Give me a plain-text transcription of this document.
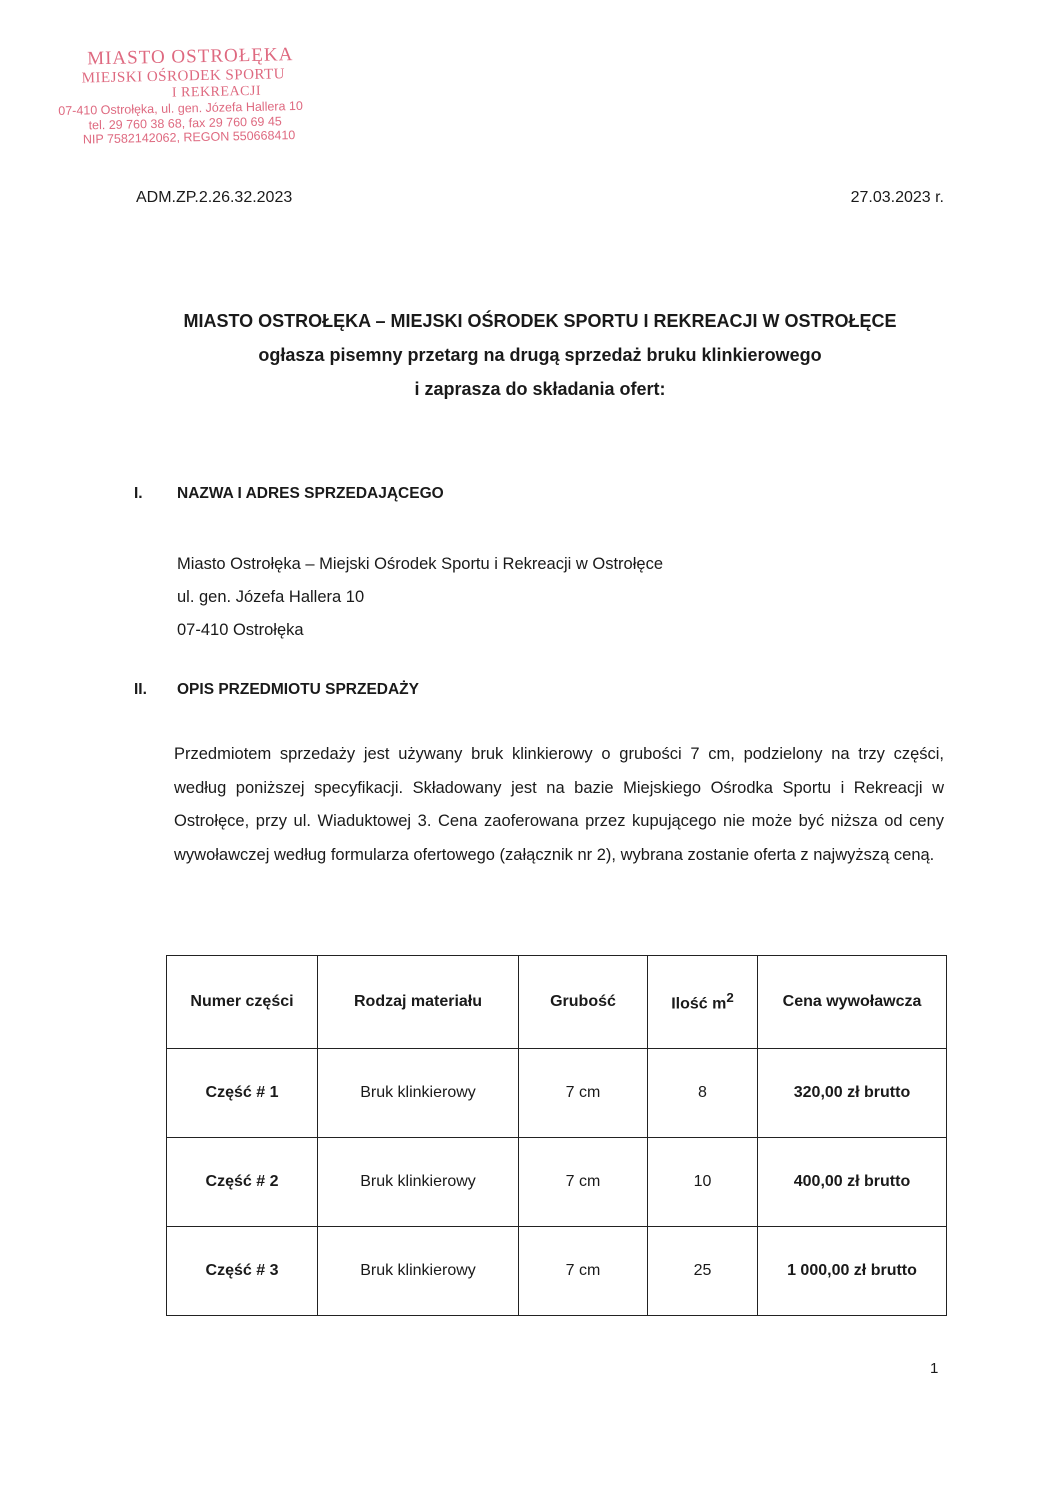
MIASTO OSTROŁĘKA
MIEJSKI OŚRODEK SPORTU
I REKREACJI
07-410 Ostrołęka, ul. gen. Józefa Hallera 10
tel. 29 760 38 68, fax 29 760 69 45
NIP 7582142062, REGON 550668410
ADM.ZP.2.26.32.2023	27.03.2023 r.
MIASTO OSTROŁĘKA – MIEJSKI OŚRODEK SPORTU I REKREACJI W OSTROŁĘCE
ogłasza pisemny przetarg na drugą sprzedaż bruku klinkierowego
i zaprasza do składania ofert:
I. NAZWA I ADRES SPRZEDAJĄCEGO
Miasto Ostrołęka – Miejski Ośrodek Sportu i Rekreacji w Ostrołęce
ul. gen. Józefa Hallera 10
07-410 Ostrołęka
II. OPIS PRZEDMIOTU SPRZEDAŻY
Przedmiotem sprzedaży jest używany bruk klinkierowy o grubości 7 cm, podzielony na trzy części, według poniższej specyfikacji. Składowany jest na bazie Miejskiego Ośrodka Sportu i Rekreacji w Ostrołęce, przy ul. Wiaduktowej 3. Cena zaoferowana przez kupującego nie może być niższa od ceny wywoławczej według formularza ofertowego (załącznik nr 2), wybrana zostanie oferta z najwyższą ceną.
Numer części	Rodzaj materiału	Grubość	Ilość $m^2$	Cena wywoławcza
Część # 1	Bruk klinkierowy	7 cm	8	320,00 zł brutto
Część # 2	Bruk klinkierowy	7 cm	10	400,00 zł brutto
Część # 3	Bruk klinkierowy	7 cm	25	1 000,00 zł brutto
1
